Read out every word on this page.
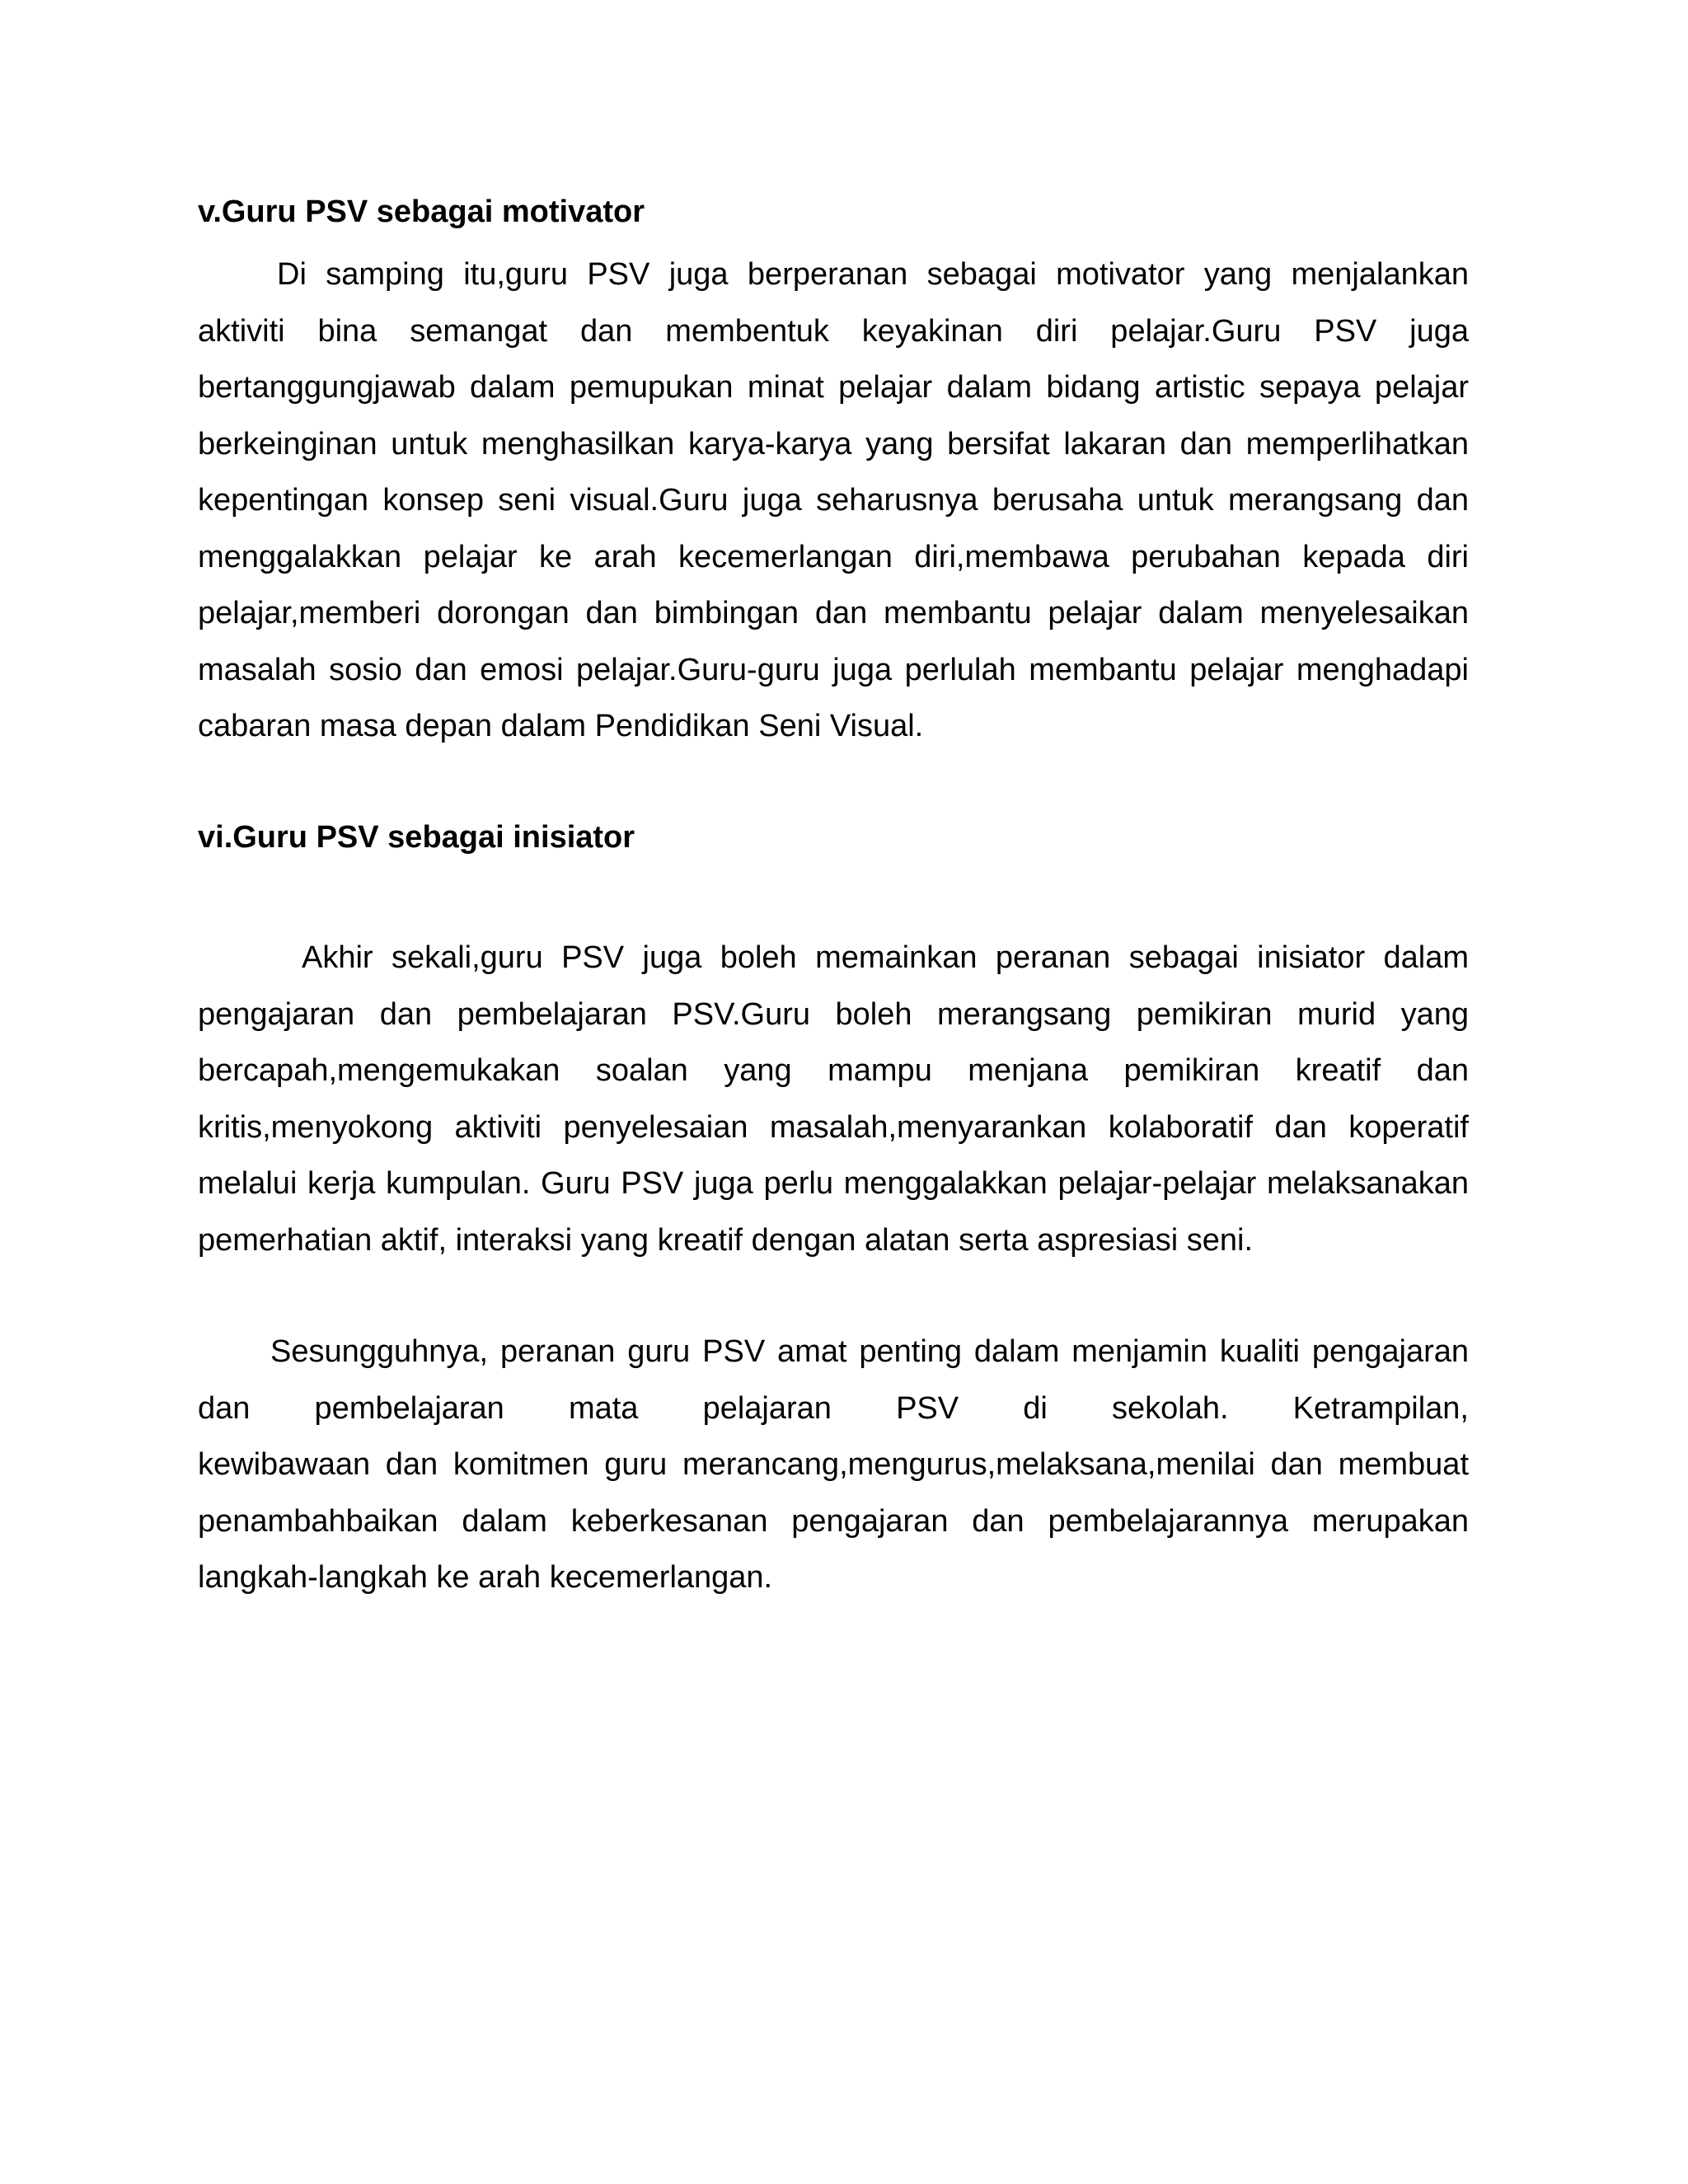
v.Guru PSV sebagai motivator

Di samping itu,guru PSV juga berperanan sebagai motivator yang menjalankan aktiviti bina semangat dan membentuk keyakinan diri pelajar.Guru PSV juga bertanggungjawab dalam pemupukan minat pelajar dalam bidang artistic sepaya pelajar berkeinginan untuk menghasilkan karya-karya yang bersifat lakaran dan memperlihatkan kepentingan konsep seni visual.Guru juga seharusnya berusaha untuk merangsang dan menggalakkan pelajar ke arah kecemerlangan diri,membawa perubahan kepada diri pelajar,memberi dorongan dan bimbingan dan membantu pelajar dalam menyelesaikan masalah sosio dan emosi pelajar.Guru-guru juga perlulah membantu pelajar menghadapi cabaran masa depan dalam Pendidikan Seni Visual.

vi.Guru PSV sebagai inisiator

Akhir sekali,guru PSV juga boleh memainkan peranan sebagai inisiator dalam pengajaran dan pembelajaran PSV.Guru boleh merangsang pemikiran murid yang bercapah,mengemukakan soalan yang mampu menjana pemikiran kreatif dan kritis,menyokong aktiviti penyelesaian masalah,menyarankan kolaboratif dan koperatif melalui kerja kumpulan. Guru PSV juga perlu menggalakkan pelajar-pelajar melaksanakan pemerhatian aktif, interaksi yang kreatif dengan alatan serta aspresiasi seni.

Sesungguhnya, peranan guru PSV amat penting dalam menjamin kualiti pengajaran dan pembelajaran mata pelajaran PSV di sekolah. Ketrampilan,
kewibawaan dan komitmen guru merancang,mengurus,melaksana,menilai dan membuat penambahbaikan dalam keberkesanan pengajaran dan pembelajarannya merupakan langkah-langkah ke arah kecemerlangan.
